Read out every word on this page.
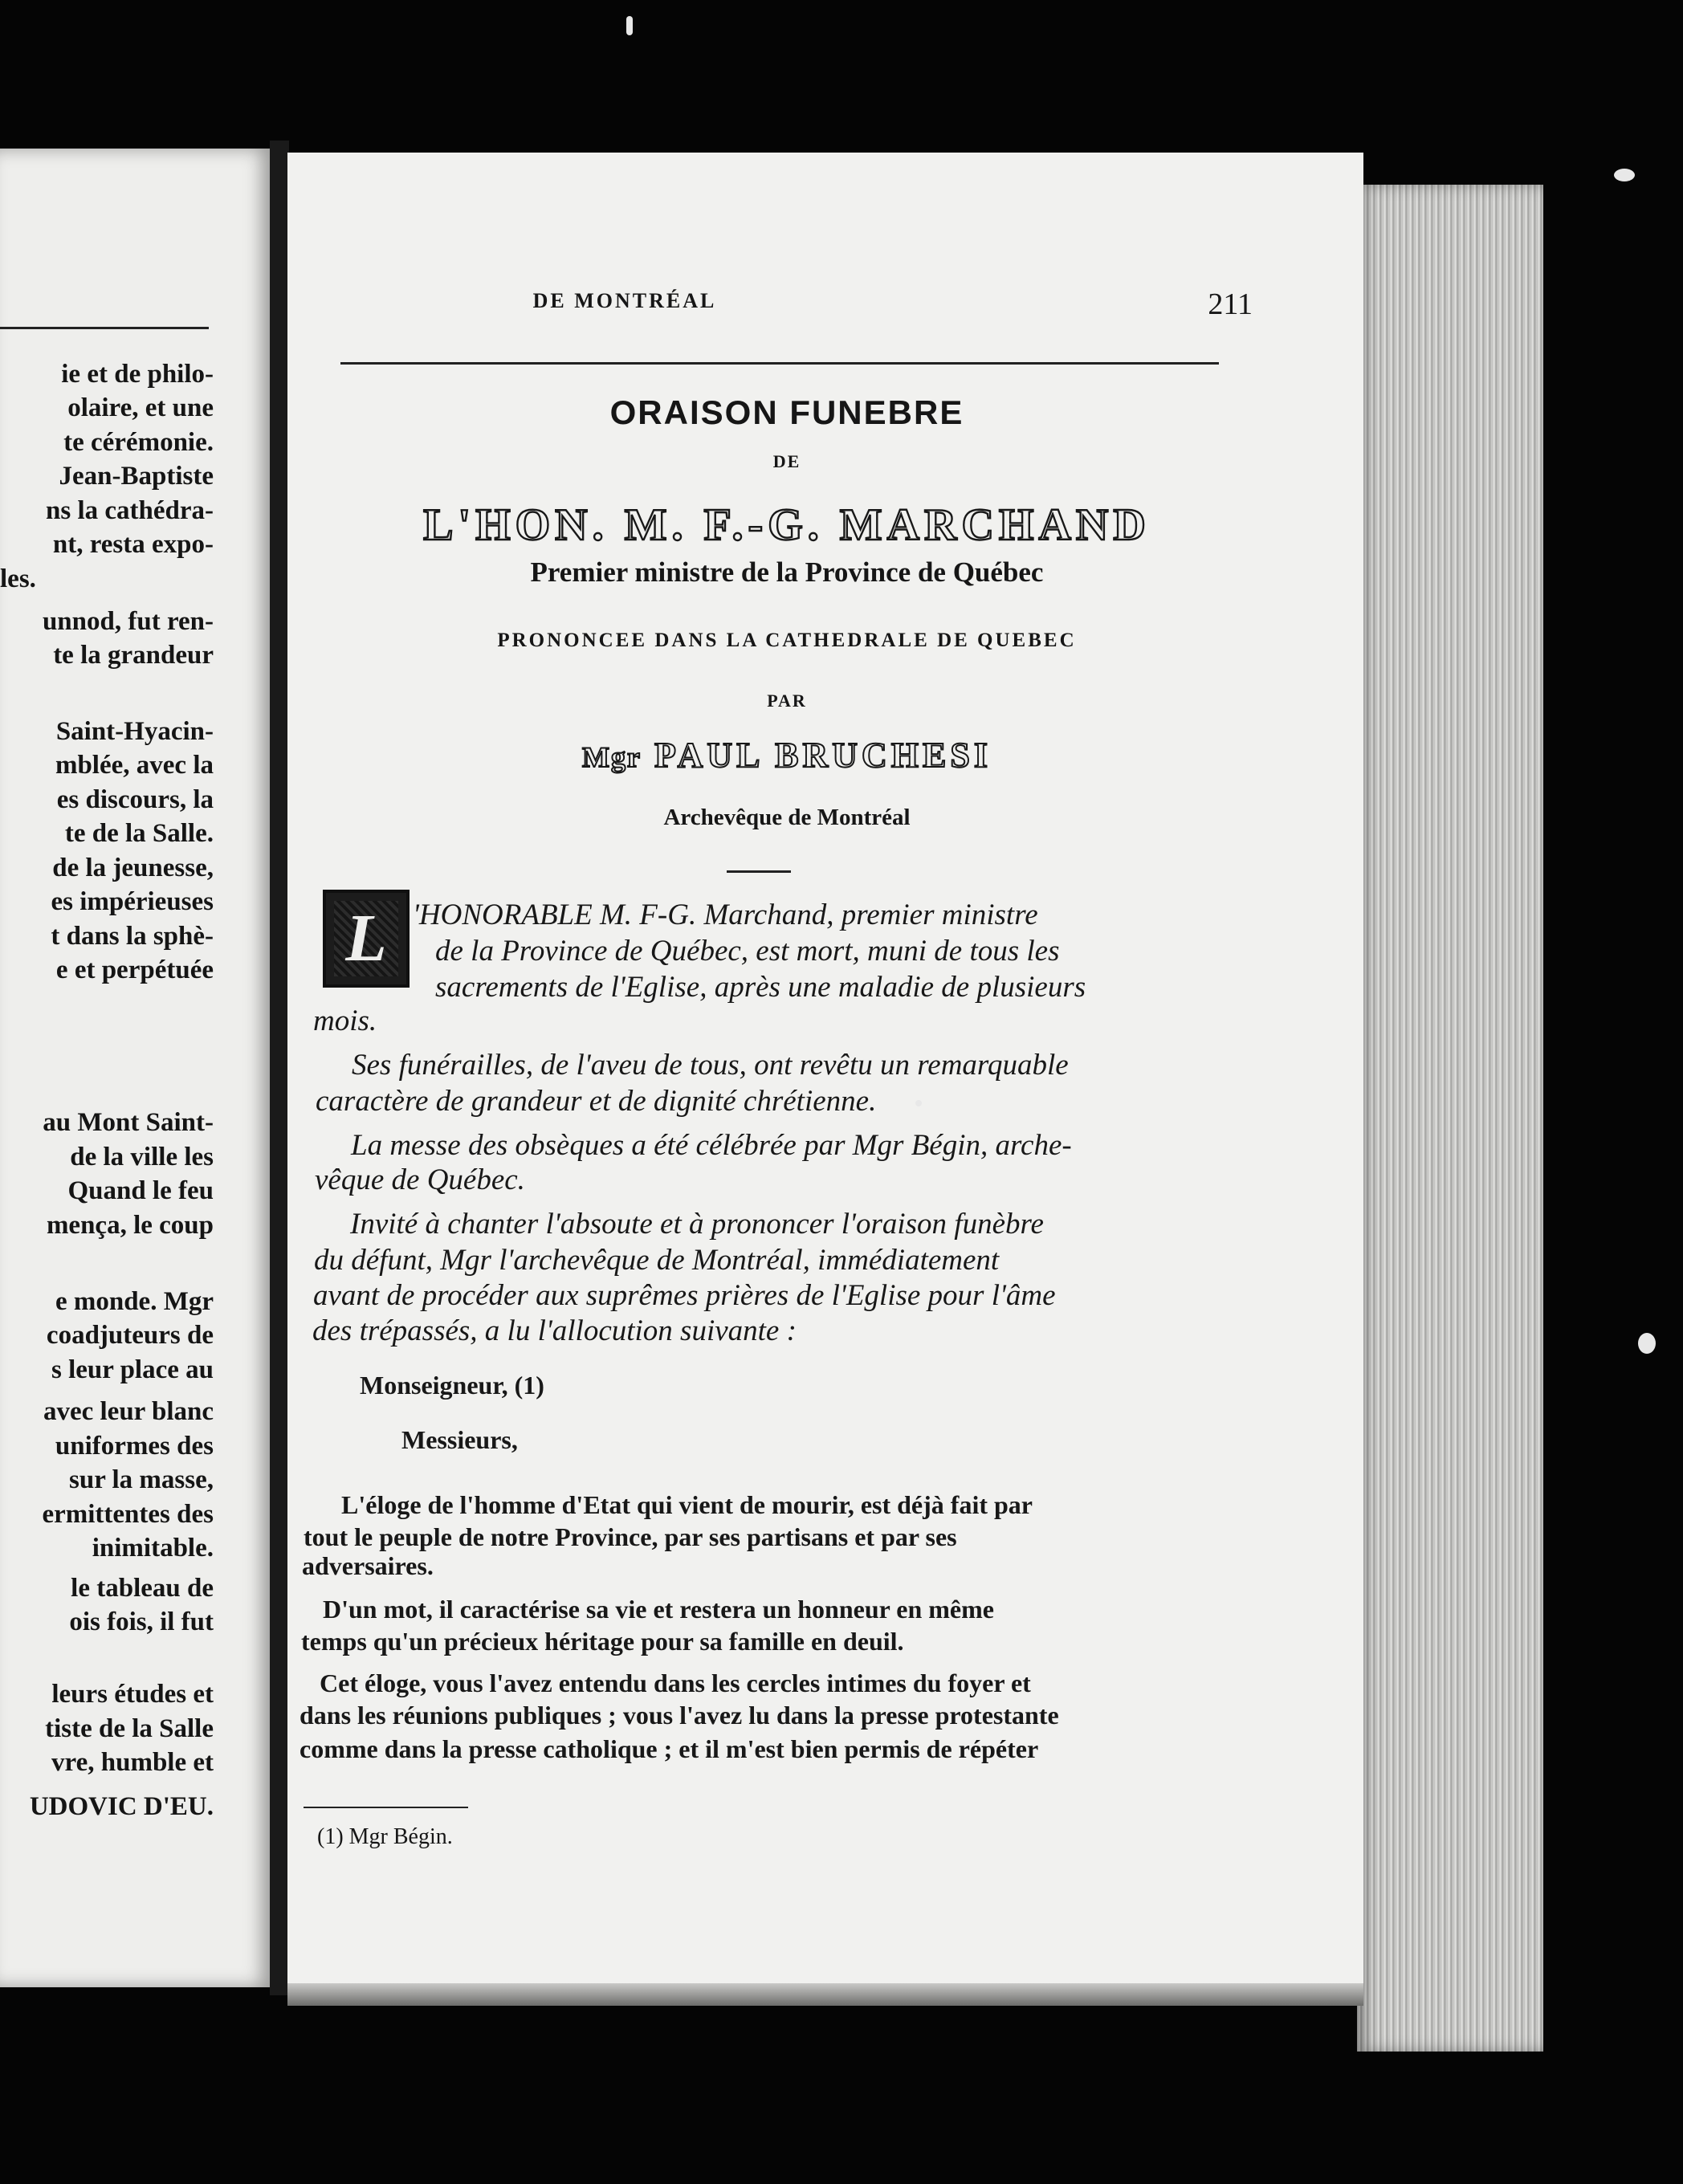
ie et de philo-
olaire, et une
te cérémonie.
Jean-Baptiste
ns la cathédra-
nt, resta expo-
les.
unnod, fut ren-
te la grandeur
Saint-Hyacin-
mblée, avec la
es discours, la
te de la Salle.
de la jeunesse,
es impérieuses
t dans la sphè-
e et perpétuée
au Mont Saint-
de la ville les
Quand le feu
mença, le coup
e monde. Mgr
coadjuteurs de
s leur place au
avec leur blanc
uniformes des
sur la masse,
ermittentes des
inimitable.
le tableau de
ois fois, il fut
leurs études et
tiste de la Salle
vre, humble et
UDOVIC D'EU.
DE MONTRÉAL	211
ORAISON FUNEBRE
DE
L'HON. M. F.-G. MARCHAND
Premier ministre de la Province de Québec
PRONONCEE DANS LA CATHEDRALE DE QUEBEC
PAR
Mgr PAUL BRUCHESI
Archevêque de Montréal
L 'HONORABLE M. F-G. Marchand, premier ministre
de la Province de Québec, est mort, muni de tous les
sacrements de l'Eglise, après une maladie de plusieurs
mois.
Ses funérailles, de l'aveu de tous, ont revêtu un remarquable
caractère de grandeur et de dignité chrétienne.
La messe des obsèques a été célébrée par Mgr Bégin, arche-
vêque de Québec.
Invité à chanter l'absoute et à prononcer l'oraison funèbre
du défunt, Mgr l'archevêque de Montréal, immédiatement
avant de procéder aux suprêmes prières de l'Eglise pour l'âme
des trépassés, a lu l'allocution suivante :
Monseigneur, (1)
Messieurs,
L'éloge de l'homme d'Etat qui vient de mourir, est déjà fait par
tout le peuple de notre Province, par ses partisans et par ses
adversaires.
D'un mot, il caractérise sa vie et restera un honneur en même
temps qu'un précieux héritage pour sa famille en deuil.
Cet éloge, vous l'avez entendu dans les cercles intimes du foyer et
dans les réunions publiques ; vous l'avez lu dans la presse protestante
comme dans la presse catholique ; et il m'est bien permis de répéter
(1) Mgr Bégin.
